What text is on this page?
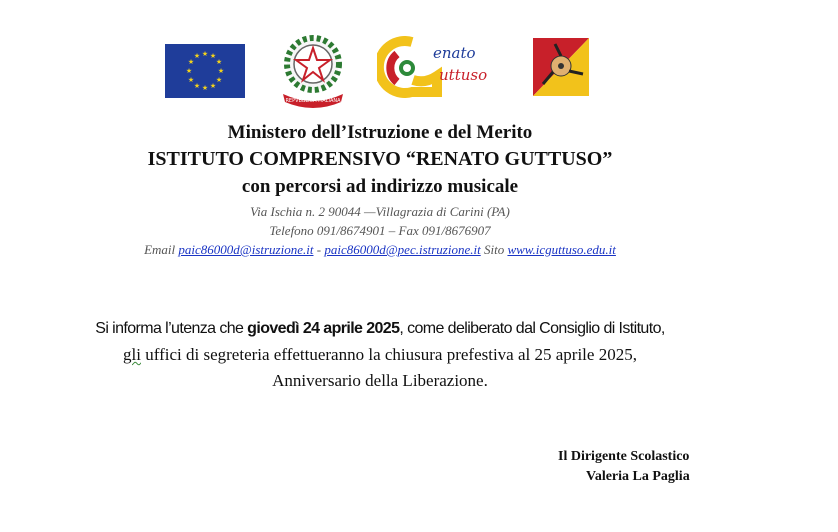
★ ★
★
★
★
★
★
★
★
★
★
★
REPVBBLICA ITALIANA
enato
uttuso
Ministero dell’Istruzione e del Merito
ISTITUTO COMPRENSIVO “RENATO GUTTUSO”
con percorsi ad indirizzo musicale
Via Ischia n. 2 90044 —Villagrazia di Carini (PA)
Telefono 091/8674901 – Fax 091/8676907
Email paic86000d@istruzione.it - paic86000d@pec.istruzione.it Sito www.icguttuso.edu.it
Si informa l’utenza che giovedì 24 aprile 2025, come deliberato dal Consiglio di Istituto,
gli uffici di segreteria effettueranno la chiusura prefestiva al 25 aprile 2025,
Anniversario della Liberazione.
Il Dirigente Scolastico
Valeria La Paglia
